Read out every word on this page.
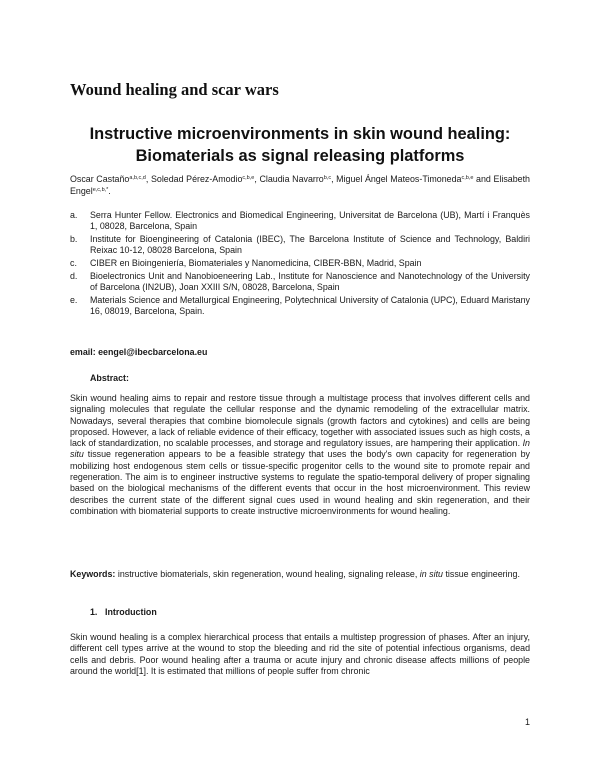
Wound healing and scar wars
Instructive microenvironments in skin wound healing:
Biomaterials as signal releasing platforms
Oscar Castaño$^{a,b,c,d}$, Soledad Pérez-Amodio$^{c,b,e}$, Claudia Navarro$^{b,c}$, Miguel Ángel Mateos-Timoneda$^{c,b,e}$ and Elisabeth Engel$^{e,c,b,*}$.
a. Serra Hunter Fellow. Electronics and Biomedical Engineering, Universitat de Barcelona (UB), Martí i Franquès 1, 08028, Barcelona, Spain
b. Institute for Bioengineering of Catalonia (IBEC), The Barcelona Institute of Science and Technology, Baldiri Reixac 10-12, 08028 Barcelona, Spain
c. CIBER en Bioingeniería, Biomateriales y Nanomedicina, CIBER-BBN, Madrid, Spain
d. Bioelectronics Unit and Nanobioeneering Lab., Institute for Nanoscience and Nanotechnology of the University of Barcelona (IN2UB), Joan XXIII S/N, 08028, Barcelona, Spain
e. Materials Science and Metallurgical Engineering, Polytechnical University of Catalonia (UPC), Eduard Maristany 16, 08019, Barcelona, Spain.
email: eengel@ibecbarcelona.eu
Abstract:

Skin wound healing aims to repair and restore tissue through a multistage process that involves different cells and signaling molecules that regulate the cellular response and the dynamic remodeling of the extracellular matrix. Nowadays, several therapies that combine biomolecule signals (growth factors and cytokines) and cells are being proposed. However, a lack of reliable evidence of their efficacy, together with associated issues such as high costs, a lack of standardization, no scalable processes, and storage and regulatory issues, are hampering their application. In situ tissue regeneration appears to be a feasible strategy that uses the body's own capacity for regeneration by mobilizing host endogenous stem cells or tissue-specific progenitor cells to the wound site to promote repair and regeneration. The aim is to engineer instructive systems to regulate the spatio-temporal delivery of proper signaling based on the biological mechanisms of the different events that occur in the host microenvironment. This review describes the current state of the different signal cues used in wound healing and skin regeneration, and their combination with biomaterial supports to create instructive microenvironments for wound healing.

Keywords: instructive biomaterials, skin regeneration, wound healing, signaling release, in situ tissue engineering.

1. Introduction

Skin wound healing is a complex hierarchical process that entails a multistep progression of phases. After an injury, different cell types arrive at the wound to stop the bleeding and rid the site of potential infectious organisms, dead cells and debris. Poor wound healing after a trauma or acute injury and chronic disease affects millions of people around the world[1]. It is estimated that millions of people suffer from chronic

1
